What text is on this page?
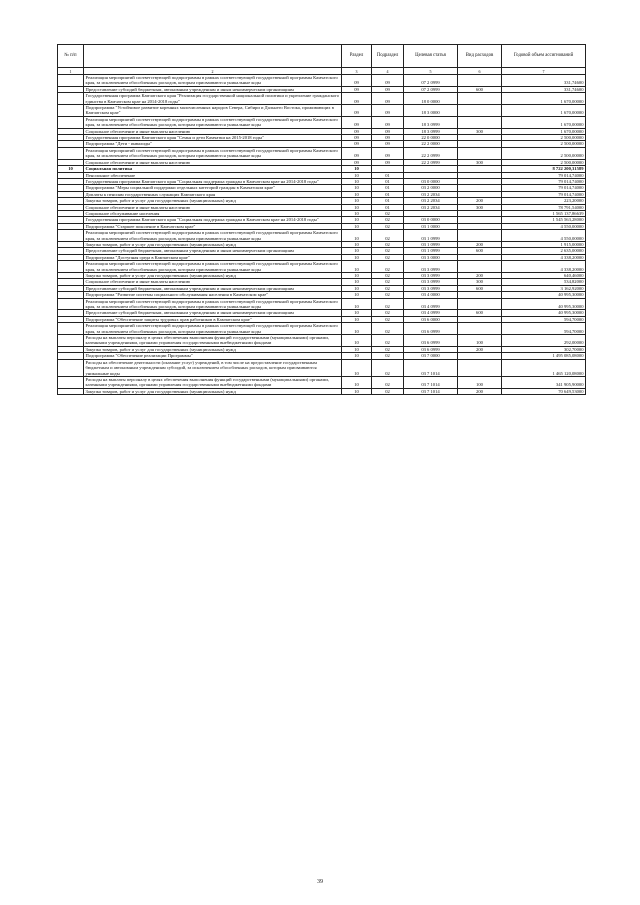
№ п/п		Раздел	Подраздел	Целевая статья	Вид расходов	Годовой объем ассигнований
1	2	3	4	5	6	7
	Реализация мероприятий соответствующей подпрограммы в рамках соответствующей государственной программы Камчатского края, за исключением обособленных расходов, которым присваиваются уникальные коды	09	09	07 2 0999		331,74600
	Предоставление субсидий бюджетным, автономным учреждениям и иным некоммерческим организациям	09	09	07 2 0999	600	331,74600
	Государственная программа Камчатского края "Реализация государственной национальной политики и укрепление гражданского единства в Камчатском крае на 2014-2018 годы"	09	09	18 0 0000		1 670,00000
	Подпрограмма "Устойчивое развитие коренных малочисленных народов Севера, Сибири и Дальнего Востока, проживающих в Камчатском крае"	09	09	18 3 0000		1 670,00000
	Реализация мероприятий соответствующей подпрограммы в рамках соответствующей государственной программы Камчатского края, за исключением обособленных расходов, которым присваиваются уникальные коды	09	09	18 3 0999		1 670,00000
	Социальное обеспечение и иные выплаты населению	09	09	18 3 0999	300	1 670,00000
	Государственная программа Камчатского края "Семья и дети Камчатки на 2015-2018 годы"	09	09	22 0 0000		2 500,00000
	Подпрограмма "Дети - инвалиды"	09	09	22 2 0000		2 500,00000
	Реализация мероприятий соответствующей подпрограммы в рамках соответствующей государственной программы Камчатского края, за исключением обособленных расходов, которым присваиваются уникальные коды	09	09	22 2 0999		2 500,00000
	Социальное обеспечение и иные выплаты населению	09	09	22 2 0999	300	2 500,00000
10	Социальная политика	10				8 722 200,31589
	Пенсионное обеспечение	10	01			79 014,74000
	Государственная программа Камчатского края "Социальная поддержка граждан в Камчатском крае на 2014-2018 годы"	10	01	03 0 0000		79 014,74000
	Подпрограмма "Меры социальной поддержки отдельных категорий граждан в Камчатском крае"	10	01	03 2 0000		79 014,74000
	Доплаты к пенсиям государственных служащих Камчатского края	10	01	03 2 2034		79 014,74000
	Закупка товаров, работ и услуг для государственных (муниципальных) нужд	10	01	03 2 2034	200	223,20000
	Социальное обеспечение и иные выплаты населению	10	01	03 2 2034	300	78 791,54000
	Социальное обслуживание населения	10	02			1 565 137,86639
	Государственная программа Камчатского края "Социальная поддержка граждан в Камчатском крае на 2014-2018 годы"	10	02	03 0 0000		1 545 563,28000
	Подпрограмма "Старшее поколение в Камчатском крае"	10	02	03 1 0000		4 550,00000
	Реализация мероприятий соответствующей подпрограммы в рамках соответствующей государственной программы Камчатского края, за исключением обособленных расходов, которым присваиваются уникальные коды	10	02	03 1 0999		4 550,00000
	Закупка товаров, работ и услуг для государственных (муниципальных) нужд	10	02	03 1 0999	200	1 915,00000
	Предоставление субсидий бюджетным, автономным учреждениям и иным некоммерческим организациям	10	02	03 1 0999	600	2 635,00000
	Подпрограмма "Доступная среда в Камчатском крае"	10	02	03 3 0000		4 338,20000
	Реализация мероприятий соответствующей подпрограммы в рамках соответствующей государственной программы Камчатского края, за исключением обособленных расходов, которым присваиваются уникальные коды	10	02	03 3 0999		4 338,20000
	Закупка товаров, работ и услуг для государственных (муниципальных) нужд	10	02	03 3 0999	200	640,46000
	Социальное обеспечение и иные выплаты населению	10	02	03 3 0999	300	534,82000
	Предоставление субсидий бюджетным, автономным учреждениям и иным некоммерческим организациям	10	02	03 3 0999	600	3 162,92000
	Подпрограмма "Развитие системы социального обслуживания населения в Камчатском крае"	10	02	03 4 0000		40 995,30000
	Реализация мероприятий соответствующей подпрограммы в рамках соответствующей государственной программы Камчатского края, за исключением обособленных расходов, которым присваиваются уникальные коды	10	02	03 4 0999		40 995,30000
	Предоставление субсидий бюджетным, автономным учреждениям и иным некоммерческим организациям	10	02	03 4 0999	600	40 995,30000
	Подпрограмма "Обеспечение защиты трудовых прав работников в Камчатском крае"	10	02	03 6 0000		594,70000
	Реализация мероприятий соответствующей подпрограммы в рамках соответствующей государственной программы Камчатского края, за исключением обособленных расходов, которым присваиваются уникальные коды	10	02	03 6 0999		594,70000
	Расходы на выплаты персоналу в целях обеспечения выполнения функций государственными (муниципальными) органами, казенными учреждениями, органами управления государственными внебюджетными фондами	10	02	03 6 0999	100	292,00000
	Закупка товаров, работ и услуг для государственных (муниципальных) нужд	10	02	03 6 0999	200	302,70000
	Подпрограмма "Обеспечение реализации Программы"	10	02	03 7 0000		1 495 085,08000
	Расходы на обеспечение деятельности (оказание услуг) учреждений, в том числе на предоставление государственным бюджетным и автономным учреждениям субсидий, за исключением обособленных расходов, которым присваиваются уникальные коды	10	02	03 7 1014		1 465 120,08000
	Расходы на выплаты персоналу в целях обеспечения выполнения функций государственными (муниципальными) органами, казенными учреждениями, органами управления государственными внебюджетными фондами	10	02	03 7 1014	100	341 905,90000
	Закупка товаров, работ и услуг для государственных (муниципальных) нужд	10	02	03 7 1014	200	70 649,53000
39
